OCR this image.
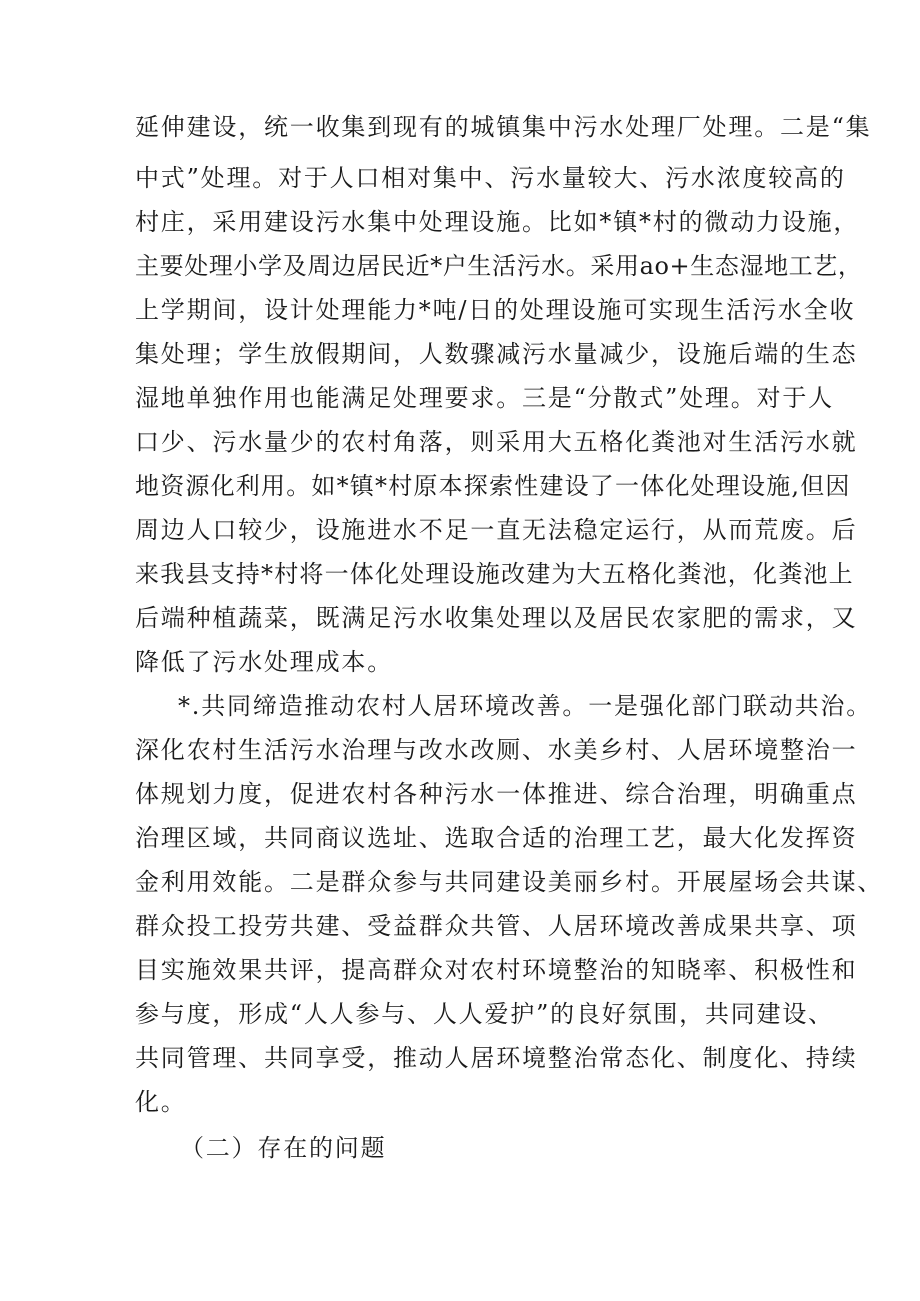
延伸建设，统一收集到现有的城镇集中污水处理厂处理。二是“集
中式”处理。对于人口相对集中、污水量较大、污水浓度较高的
村庄，采用建设污水集中处理设施。比如*镇*村的微动力设施，
主要处理小学及周边居民近*户生活污水。采用ao+生态湿地工艺，
上学期间，设计处理能力*吨/日的处理设施可实现生活污水全收
集处理；学生放假期间，人数骤减污水量减少，设施后端的生态
湿地单独作用也能满足处理要求。三是“分散式”处理。对于人
口少、污水量少的农村角落，则采用大五格化粪池对生活污水就
地资源化利用。如*镇*村原本探索性建设了一体化处理设施,但因
周边人口较少，设施进水不足一直无法稳定运行，从而荒废。后
来我县支持*村将一体化处理设施改建为大五格化粪池，化粪池上
后端种植蔬菜，既满足污水收集处理以及居民农家肥的需求，又
降低了污水处理成本。
*.共同缔造推动农村人居环境改善。一是强化部门联动共治。
深化农村生活污水治理与改水改厕、水美乡村、人居环境整治一
体规划力度，促进农村各种污水一体推进、综合治理，明确重点
治理区域，共同商议选址、选取合适的治理工艺，最大化发挥资
金利用效能。二是群众参与共同建设美丽乡村。开展屋场会共谋、
群众投工投劳共建、受益群众共管、人居环境改善成果共享、项
目实施效果共评，提高群众对农村环境整治的知晓率、积极性和
参与度，形成“人人参与、人人爱护”的良好氛围，共同建设、
共同管理、共同享受，推动人居环境整治常态化、制度化、持续
化。
（二）存在的问题
